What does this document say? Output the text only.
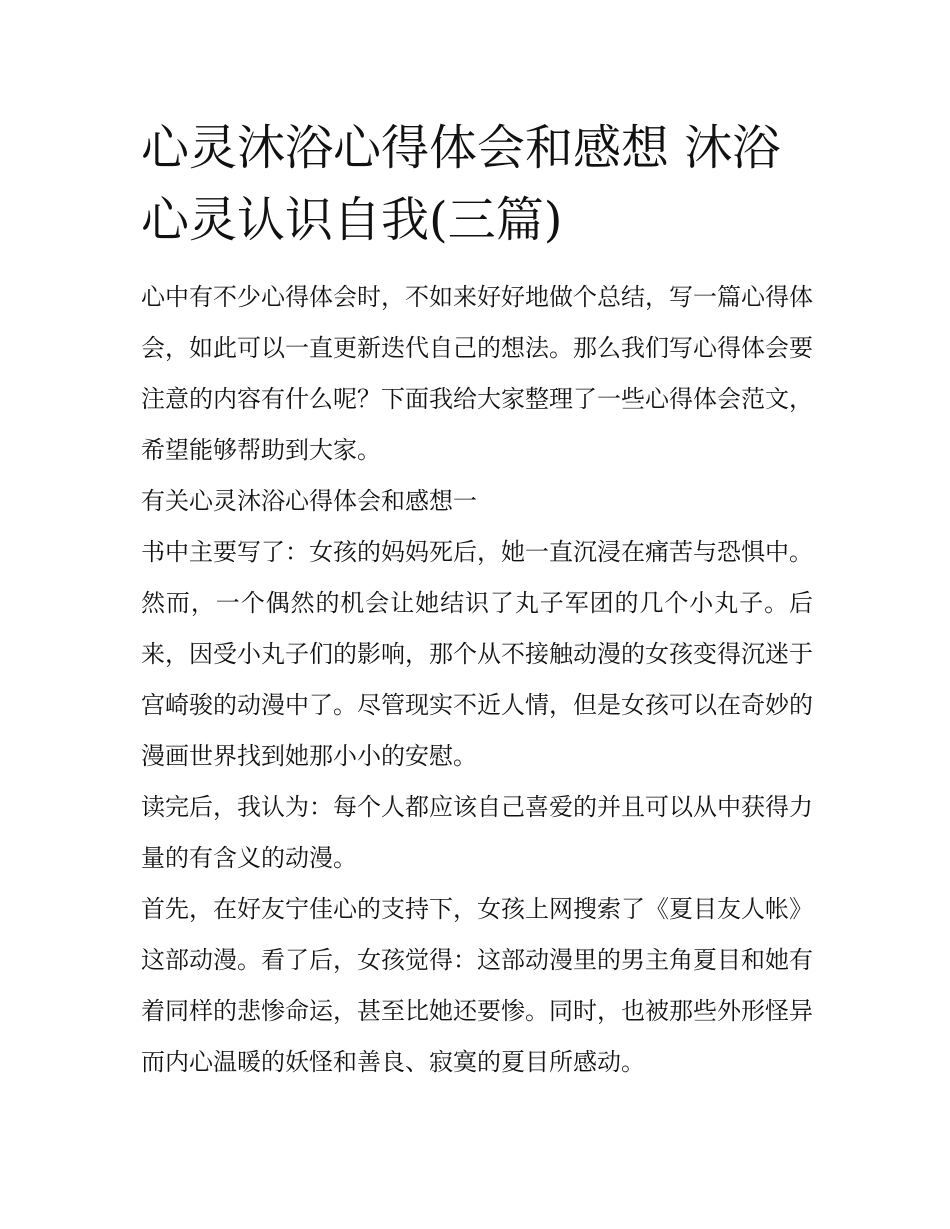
心灵沐浴心得体会和感想 沐浴心灵认识自我(三篇)

心中有不少心得体会时，不如来好好地做个总结，写一篇心得体会，如此可以一直更新迭代自己的想法。那么我们写心得体会要注意的内容有什么呢？下面我给大家整理了一些心得体会范文，希望能够帮助到大家。

有关心灵沐浴心得体会和感想一

书中主要写了：女孩的妈妈死后，她一直沉浸在痛苦与恐惧中。然而，一个偶然的机会让她结识了丸子军团的几个小丸子。后来，因受小丸子们的影响，那个从不接触动漫的女孩变得沉迷于宫崎骏的动漫中了。尽管现实不近人情，但是女孩可以在奇妙的漫画世界找到她那小小的安慰。

读完后，我认为：每个人都应该自己喜爱的并且可以从中获得力量的有含义的动漫。

首先，在好友宁佳心的支持下，女孩上网搜索了《夏目友人帐》这部动漫。看了后，女孩觉得：这部动漫里的男主角夏目和她有着同样的悲惨命运，甚至比她还要惨。同时，也被那些外形怪异而内心温暖的妖怪和善良、寂寞的夏目所感动。
